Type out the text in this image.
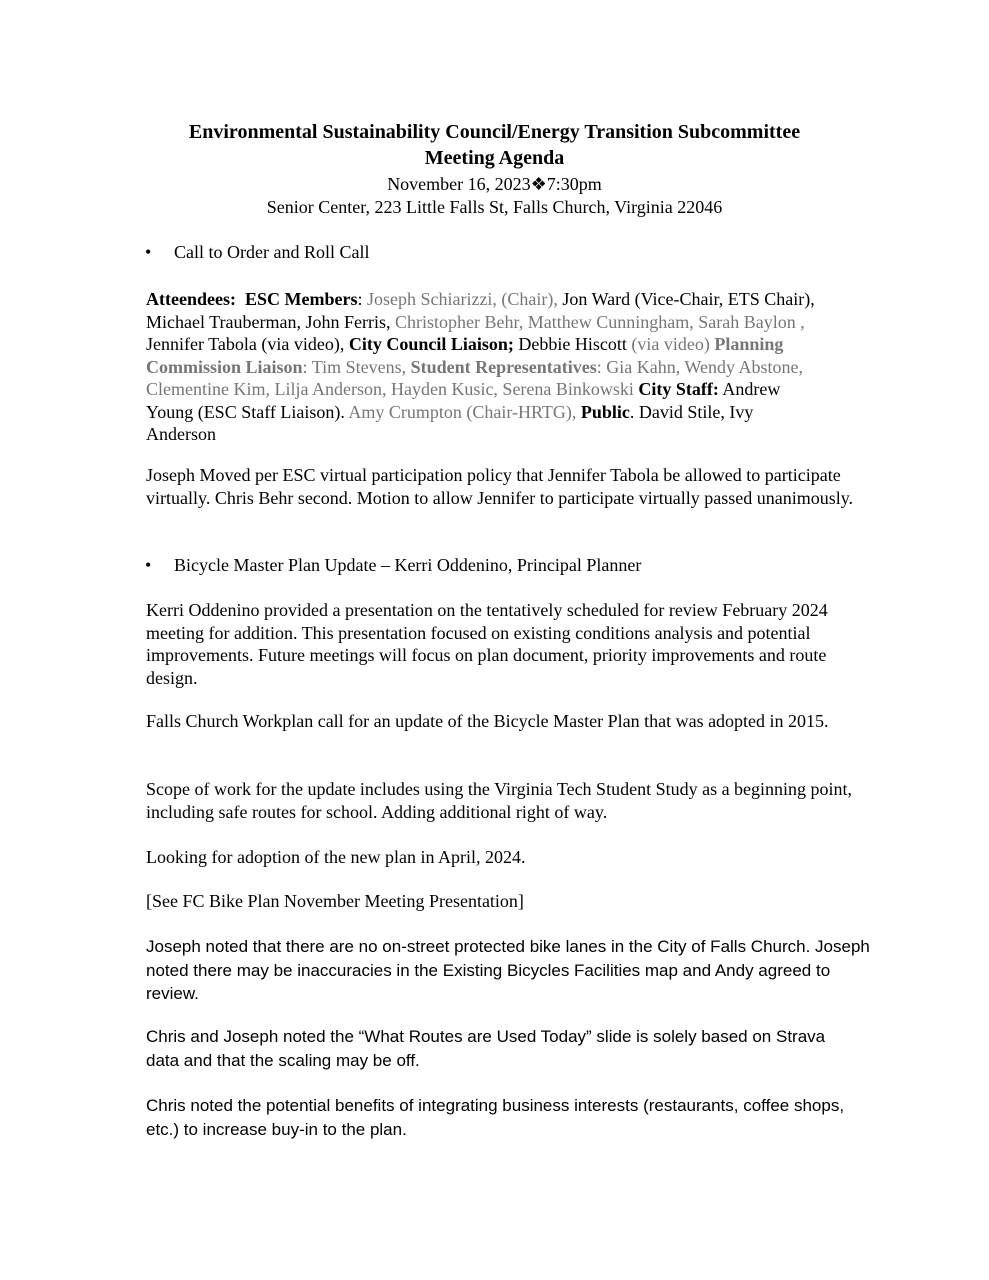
Environmental Sustainability Council/Energy Transition Subcommittee
Meeting Agenda
November 16, 2023❖7:30pm
Senior Center, 223 Little Falls St, Falls Church, Virginia 22046
• Call to Order and Roll Call
Atteendees: ESC Members: Joseph Schiarizzi, (Chair), Jon Ward (Vice-Chair, ETS Chair),
Michael Trauberman, John Ferris, Christopher Behr, Matthew Cunningham, Sarah Baylon ,
Jennifer Tabola (via video), City Council Liaison; Debbie Hiscott (via video) Planning
Commission Liaison: Tim Stevens, Student Representatives: Gia Kahn, Wendy Abstone,
Clementine Kim, Lilja Anderson, Hayden Kusic, Serena Binkowski City Staff: Andrew
Young (ESC Staff Liaison). Amy Crumpton (Chair-HRTG), Public. David Stile, Ivy
Anderson
Joseph Moved per ESC virtual participation policy that Jennifer Tabola be allowed to participate virtually. Chris Behr second. Motion to allow Jennifer to participate virtually passed unanimously.
• Bicycle Master Plan Update – Kerri Oddenino, Principal Planner
Kerri Oddenino provided a presentation on the tentatively scheduled for review February 2024 meeting for addition. This presentation focused on existing conditions analysis and potential improvements. Future meetings will focus on plan document, priority improvements and route design.
Falls Church Workplan call for an update of the Bicycle Master Plan that was adopted in 2015.
Scope of work for the update includes using the Virginia Tech Student Study as a beginning point, including safe routes for school. Adding additional right of way.
Looking for adoption of the new plan in April, 2024.
[See FC Bike Plan November Meeting Presentation]
Joseph noted that there are no on-street protected bike lanes in the City of Falls Church. Joseph noted there may be inaccuracies in the Existing Bicycles Facilities map and Andy agreed to review.
Chris and Joseph noted the “What Routes are Used Today” slide is solely based on Strava data and that the scaling may be off.
Chris noted the potential benefits of integrating business interests (restaurants, coffee shops, etc.) to increase buy-in to the plan.
